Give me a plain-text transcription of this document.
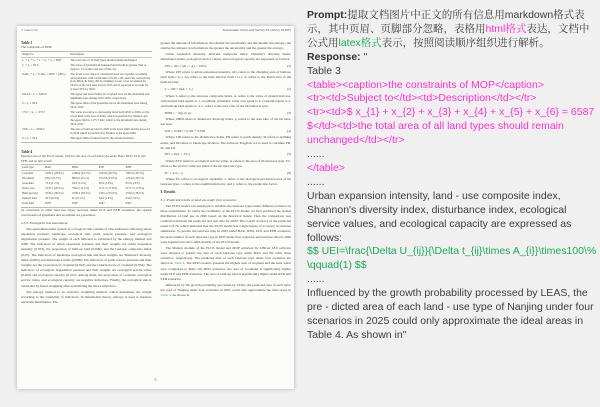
J. Gao et al.	Sustainable Cities and Society 85 (2022) 104055
Table 3
The constraints of MOP.
Subject to	Description
x₁ + x₂ + x₃ + x₄ + x₅ + x₆ = 6587	The total area of all land types should remain unchanged
x₃ + x₆ ≥ 65.9	The areas of grassland and unused land should be greater than or equal to 1% of the total area of the city
0.46x₁ + x₂ + 0.46x₃ ≥ 6587 × (30%)	The forest cover share is calculated based on cropland, woodland, and grassland, with coefficients of 0.46, 1.00, and 0.46, respectively (Liu, Ming, & Yang, 2012). Nanjing's forest cover accounted for 26.6% of the total land area in 2015 and is expected to account for at least 30% by 2025.
1919.6 ≤ x₁ ≤ 3203.6	The upper and lower limits for cropland area are the maximum and minimum areas during 2010–2020, respectively
0 ≤ x₃ ≤ 92.9	The upper limit of the grassland area is the maximum area during 2010–2020
175.7 ≤ x₅ ≤ 1175.7	The water area shows a decreasing trend from 2010 to 2020, so the lower limit is the area of 2020, which is predicted by Markov and the upper limit is 1175.7 km², which is the maximum area during 2010–2020
2345 ≤ x₄ ≤ 2939.2	The area of built-up land in 2020 is the lower limit and the area of it in 2030 which is predicted by Markov is the upper limit
0 ≤ x₆ ≤ 50.0	The upper limit of unused land is the current situation
Table 4
Inputted area of the PLUS model, which is the area of each land type under BAU, RED, ELP, and EEB, and its unit is km².
Land type	BAU	RED	ELP	EEB
Cropland	1960.2 (29.8%)	2289.6 (34.7%)	1993.6 (30.3%)	1993.6 (30.3%)
Woodland	636.7 (9.7%)	860.0 (13.1%)	1512.8 (23.0%)	1234.6 (18.7%)
Grassland	72.9 (1.1%)	92.9 (1.4%)	65.9 (1.0%)	65.9 (1.0%)
Water area	1347.1 (20.5%)	796.2 (12.1%)	1171.7 (17.8%)	1171.7 (17.8%)
Built-up land	2539.2 (38.5%)	2539.2 (38.5%)	2345.1 (35.6%)	2539.2 (38.5%)
Unused land	30.9 (0.4%)	8.1 (0.1%)	63.0 (1.0%)	63.0 (1.0%)
Total land	6587	6587	6587	6587

be converted to other land use types. Second, under ELP and EEB scenarios, the spatial conversions of grassland and woodland are prevented.

2.3.3. Ecological risk assessment

The assessment index system of ecological risk consists of nine indicators reflecting urban expansion pressure, landscape ecological risk, grain reserve pressure, and ecological degradation pressure. The weight of each indicator is calculated by the entropy method and AHP. The indicators of urban expansion pressure and their weights are urban expansion intensity (0.053), the proportion of built-up land (0.049), and the land-use composite index (0.07). The indicators of landscape ecological risk and their weights are Shannon's diversity index (0.063) and disturbance index (0.088). The indicators of grain reserve pressure and their weights are the proportion of cropland (0.043) and the reduction rate of cropland (0.054). The indicators of ecological degradation pressure and their weights are ecological service value (0.263) and ecological capacity (0.317). Among them, the proportion of cropland, ecological service value, and ecological capacity are negative indicators. Finally, the ecological risk is calculated by linear weighting after normalizing the above indicators.

The entropy method is an objective weighting method, which determines the weight according to the variability of indicators. In information theory, entropy is used to measure uncertain information. The

greater the amount of information, the smaller the uncertainty and the smaller the entropy; the smaller the amount of information, the greater the uncertainty and the greater the entropy.

Urban expansion intensity, land-use composite index, Shannon's diversity index, disturbance index, ecological service values, and ecological capacity are expressed as follows:

UEI = ΔUᵢⱼ / (Δtᵢⱼ × Aᵢ) × 100%	(1)

Where UEI refers to urban expansion intensity. ΔUᵢⱼ refers to the changing area of built-up land from i to j. Δtᵢⱼ refers to the time interval from i to j. Aᵢ refers to the initial area of the built-up land.

L = 100 × Σ(Aᵢ × Cᵢ)	(2)

Where L refers to the land-use composite index. Aᵢ refers to the value of graded land use, with unused land equals to 1, woodland, grassland, water area equal to 2, cropland equals to 3, and built-up land equals to 4. Cᵢ refers to the area ratio of the ith land-use type.

SHDI = −Σ(pᵢ ln pᵢ)	(3)

Where SHDI refers to Shannon's diversity index. pᵢ refers to the area ratio of the ith land-use type.

LDI = 0.5PD + 0.2SI + 0.3DI	(4)

Where LDI refers to the disturbance index. PD refers to patch density. SI refers to splitting index, and DI refers to landscape division. The software Fragstats 4.2 is used to calculate PD, SI, and DI.

ESV = Σ(Aᵢ × VCᵢ)	(5)

Where ESV refers to ecological service value. Aᵢ refers to the area of ith land-use type. VCᵢ refers to the service value per pixel of the ith land-use type.

EC = Σ aᵢ rᵢ yᵢ	(6)

Where EC refers to ecological capability. aᵢ refers to the biological production area of ith land-use type. rᵢ refers to the equilibrium factor, and yᵢ refers to the production factor.

3. Results
3.1. Predicted results of land use under four scenarios

The PLUS model was employed to simulate the land-use types under different scenarios in these experiments. To verify the credibility of the PLUS model, we first predicted the spatial distribution of land use in 2020 based on the historical trends. Then the comparison was conducted between the predicted and real data for 2020. The overall accuracy of the predicted result is 0.74, which indicated that the PLUS model has a high degree of accuracy in land use simulation. To predict the land use map in 2025 under BAU, RED, ELP, and EEB scenarios, the pixel number of each land-use type in 2025 under four scenarios and land use data in 2020 were inputted into the CARS module of the PLUS model.

The Markov module of the PLUS model and MOP achieved by LINGO 18.0 software were adopted to predict the area of each land-use type under BAU and the other three scenarios, respectively. The predicted data of each land-use type under four scenarios are shown in Table 4. The RED scenario presents the highest area of cropland and the least water area. Compared to BAU and RED scenarios, the area of woodland is significantly higher under ELP and EEB scenarios. The area of built-up land is significantly higher under RED and EEB scenarios.

Influenced by the growth probability processed by LEAS, the predicted area of each land-use type of Nanjing under four scenarios in 2025 could only approximate the ideal areas in Table 4. As shown in

5

Prompt:提取文档图片中正文的所有信息用markdown格式表示，其中页眉、页脚部分忽略，表格用html格式表达，文档中公式用latex格式表示，按照阅读顺序组织进行解析。

Response: "

Table 3

<table><caption>the constraints of MOP</caption>

<tr><td>Subject to</td><td>Description</td></tr>

<tr><td>$ x_{1} + x_{2} + x_{3} + x_{4} + x_{5} + x_{6} = 6587 $</td><td>the total area of all land types should remain unchanged</td></tr>

......

</table>

......

Urban expansion intensity, land - use composite index, Shannon's diversity index, disturbance index, ecological service values, and ecological capacity are expressed as follows:

$$ UEI=\frac{\Delta U_{ij}}{\Delta t_{ij}\times A_{i}}\times100\% \qquad(1) $$

......

Influenced by the growth probability processed by LEAS, the pre - dicted area of each land - use type of Nanjing under four scenarios in 2025 could only approximate the ideal areas in Table 4. As shown in"
